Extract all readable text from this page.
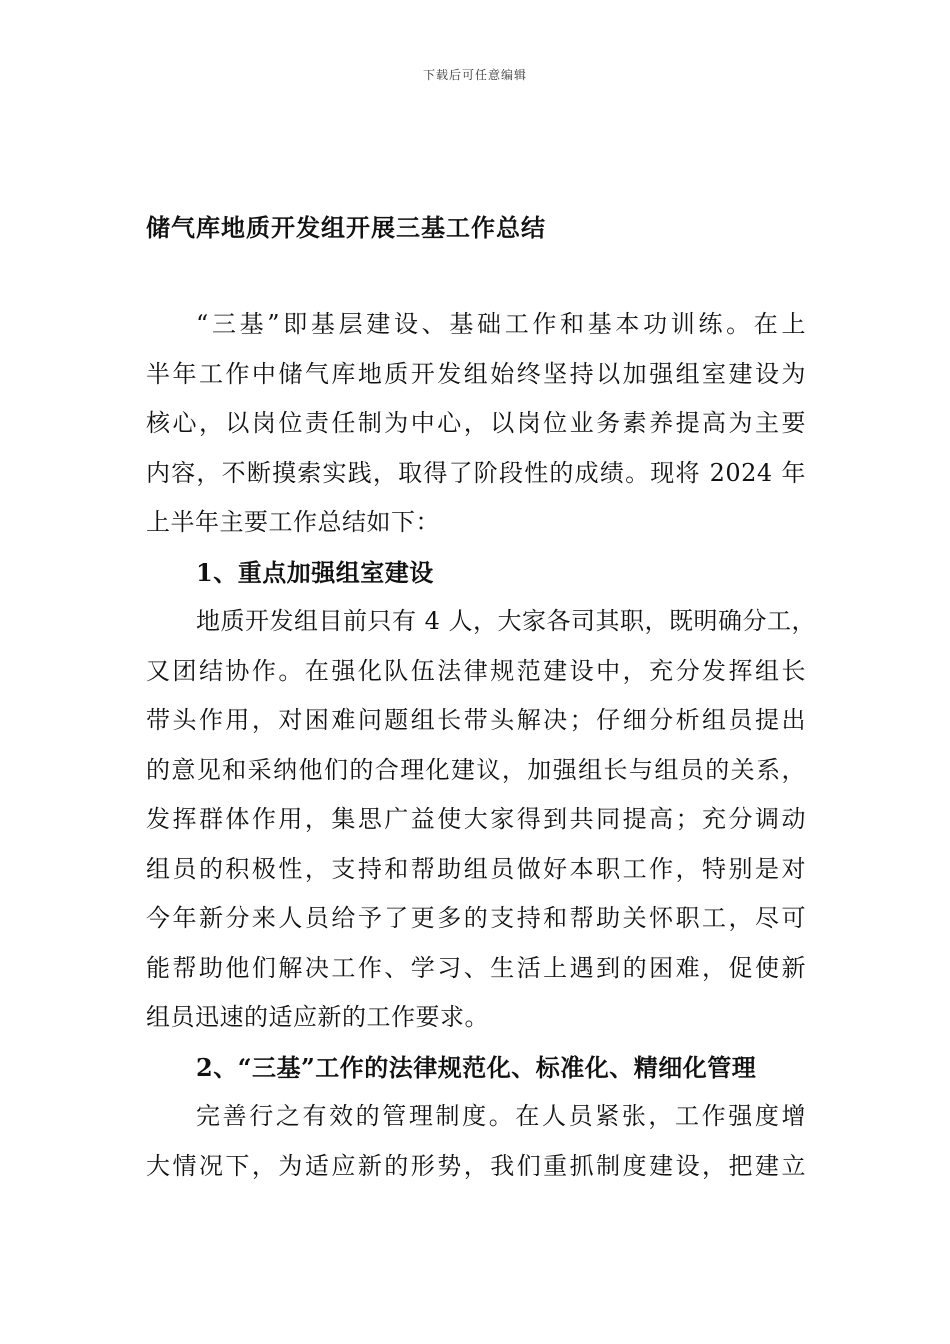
下载后可任意编辑
储气库地质开发组开展三基工作总结
“三基”即基层建设、基础工作和基本功训练。在上
半年工作中储气库地质开发组始终坚持以加强组室建设为
核心，以岗位责任制为中心，以岗位业务素养提高为主要
内容，不断摸索实践，取得了阶段性的成绩。现将 2024 年
上半年主要工作总结如下：
1、重点加强组室建设
地质开发组目前只有 4 人，大家各司其职，既明确分工，
又团结协作。在强化队伍法律规范建设中，充分发挥组长
带头作用，对困难问题组长带头解决；仔细分析组员提出
的意见和采纳他们的合理化建议，加强组长与组员的关系，
发挥群体作用，集思广益使大家得到共同提高；充分调动
组员的积极性，支持和帮助组员做好本职工作，特别是对
今年新分来人员给予了更多的支持和帮助关怀职工，尽可
能帮助他们解决工作、学习、生活上遇到的困难，促使新
组员迅速的适应新的工作要求。
2、“三基”工作的法律规范化、标准化、精细化管理
完善行之有效的管理制度。在人员紧张，工作强度增
大情况下，为适应新的形势，我们重抓制度建设，把建立
